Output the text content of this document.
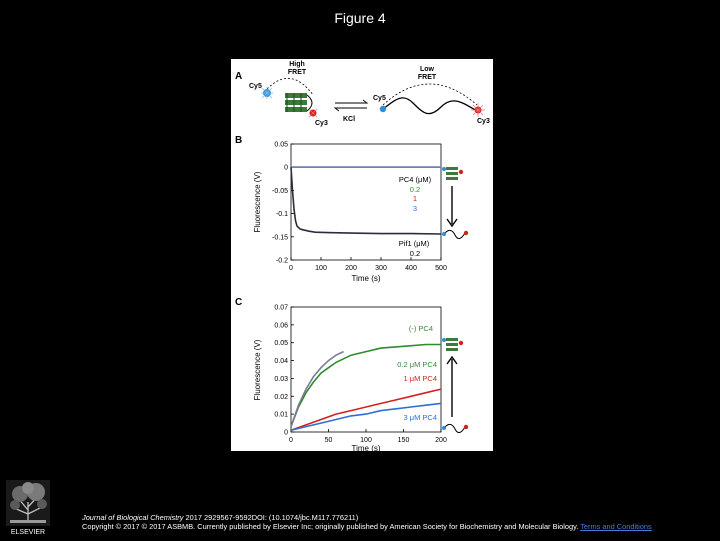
Figure 4
A
High
FRET
Cy5
Cy3
KCl
Low
FRET
Cy5
Cy3
B	0.05
0
-0.05
-0.1
-0.15
-0.2
0	100	200	300	400	500
Fluorescence (V)
Time (s)
PC4 (μM)
0.2
1
3
Pif1 (μM)
0.2
C	0.07
0.06
0.05
0.04
0.03
0.02
0.01
0
0	50	100	150	200
Fluorescence (V)
Time (s)
(-) PC4
0.2 μM PC4
1 μM PC4
3 μM PC4
ELSEVIER
Journal of Biological Chemistry 2017 2929567-9592DOI: (10.1074/jbc.M117.776211)
Copyright © 2017 © 2017 ASBMB. Currently published by Elsevier Inc; originally published by American Society for Biochemistry and Molecular Biology. Terms and Conditions
